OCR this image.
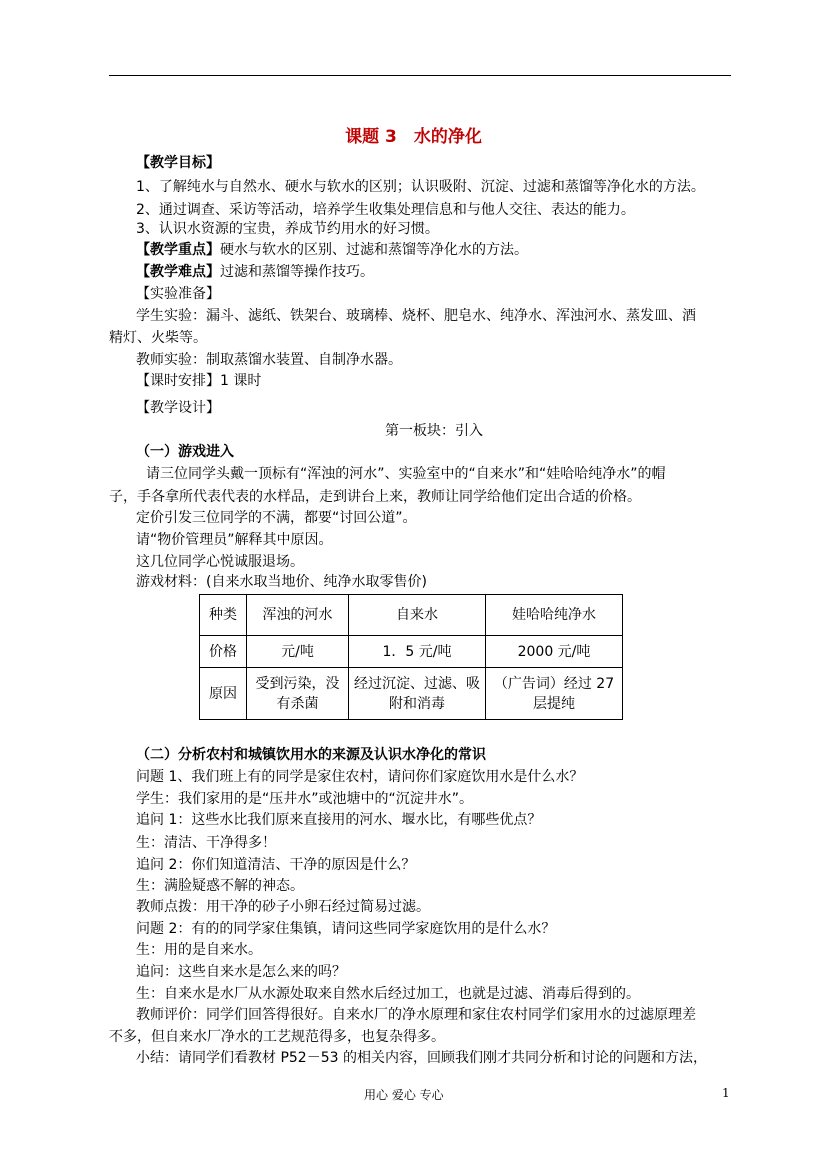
课题 3　水的净化
【教学目标】
1、了解纯水与自然水、硬水与软水的区别；认识吸附、沉淀、过滤和蒸馏等净化水的方法。
2、通过调查、采访等活动，培养学生收集处理信息和与他人交往、表达的能力。
3、认识水资源的宝贵，养成节约用水的好习惯。
【教学重点】硬水与软水的区别、过滤和蒸馏等净化水的方法。
【教学难点】过滤和蒸馏等操作技巧。
【实验准备】
学生实验：漏斗、滤纸、铁架台、玻璃棒、烧杯、肥皂水、纯净水、浑浊河水、蒸发皿、酒
精灯、火柴等。
教师实验：制取蒸馏水装置、自制净水器。
【课时安排】1 课时
【教学设计】
第一板块：引入
（一）游戏进入
请三位同学头戴一顶标有“浑浊的河水”、实验室中的“自来水”和“娃哈哈纯净水”的帽
子，手各拿所代表代表的水样品，走到讲台上来，教师让同学给他们定出合适的价格。
定价引发三位同学的不满，都要“讨回公道”。
请“物价管理员”解释其中原因。
这几位同学心悦诚服退场。
游戏材料：(自来水取当地价、纯净水取零售价)
种类	浑浊的河水	自来水	娃哈哈纯净水
价格	元/吨	1．5 元/吨	2000 元/吨
原因	受到污染，没有杀菌	经过沉淀、过滤、吸附和消毒	（广告词）经过 27 层提纯
（二）分析农村和城镇饮用水的来源及认识水净化的常识
问题 1、我们班上有的同学是家住农村，请问你们家庭饮用水是什么水？
学生：我们家用的是“压井水”或池塘中的“沉淀井水”。
追问 1：这些水比我们原来直接用的河水、堰水比，有哪些优点？
生：清洁、干净得多！
追问 2：你们知道清洁、干净的原因是什么？
生：满脸疑惑不解的神态。
教师点拨：用干净的砂子小卵石经过简易过滤。
问题 2：有的的同学家住集镇，请问这些同学家庭饮用的是什么水？
生：用的是自来水。
追问：这些自来水是怎么来的吗？
生：自来水是水厂从水源处取来自然水后经过加工，也就是过滤、消毒后得到的。
教师评价：同学们回答得很好。自来水厂的净水原理和家住农村同学们家用水的过滤原理差
不多，但自来水厂净水的工艺规范得多，也复杂得多。
小结：请同学们看教材 P52－53 的相关内容，回顾我们刚才共同分析和讨论的问题和方法，
用心 爱心 专心	1
